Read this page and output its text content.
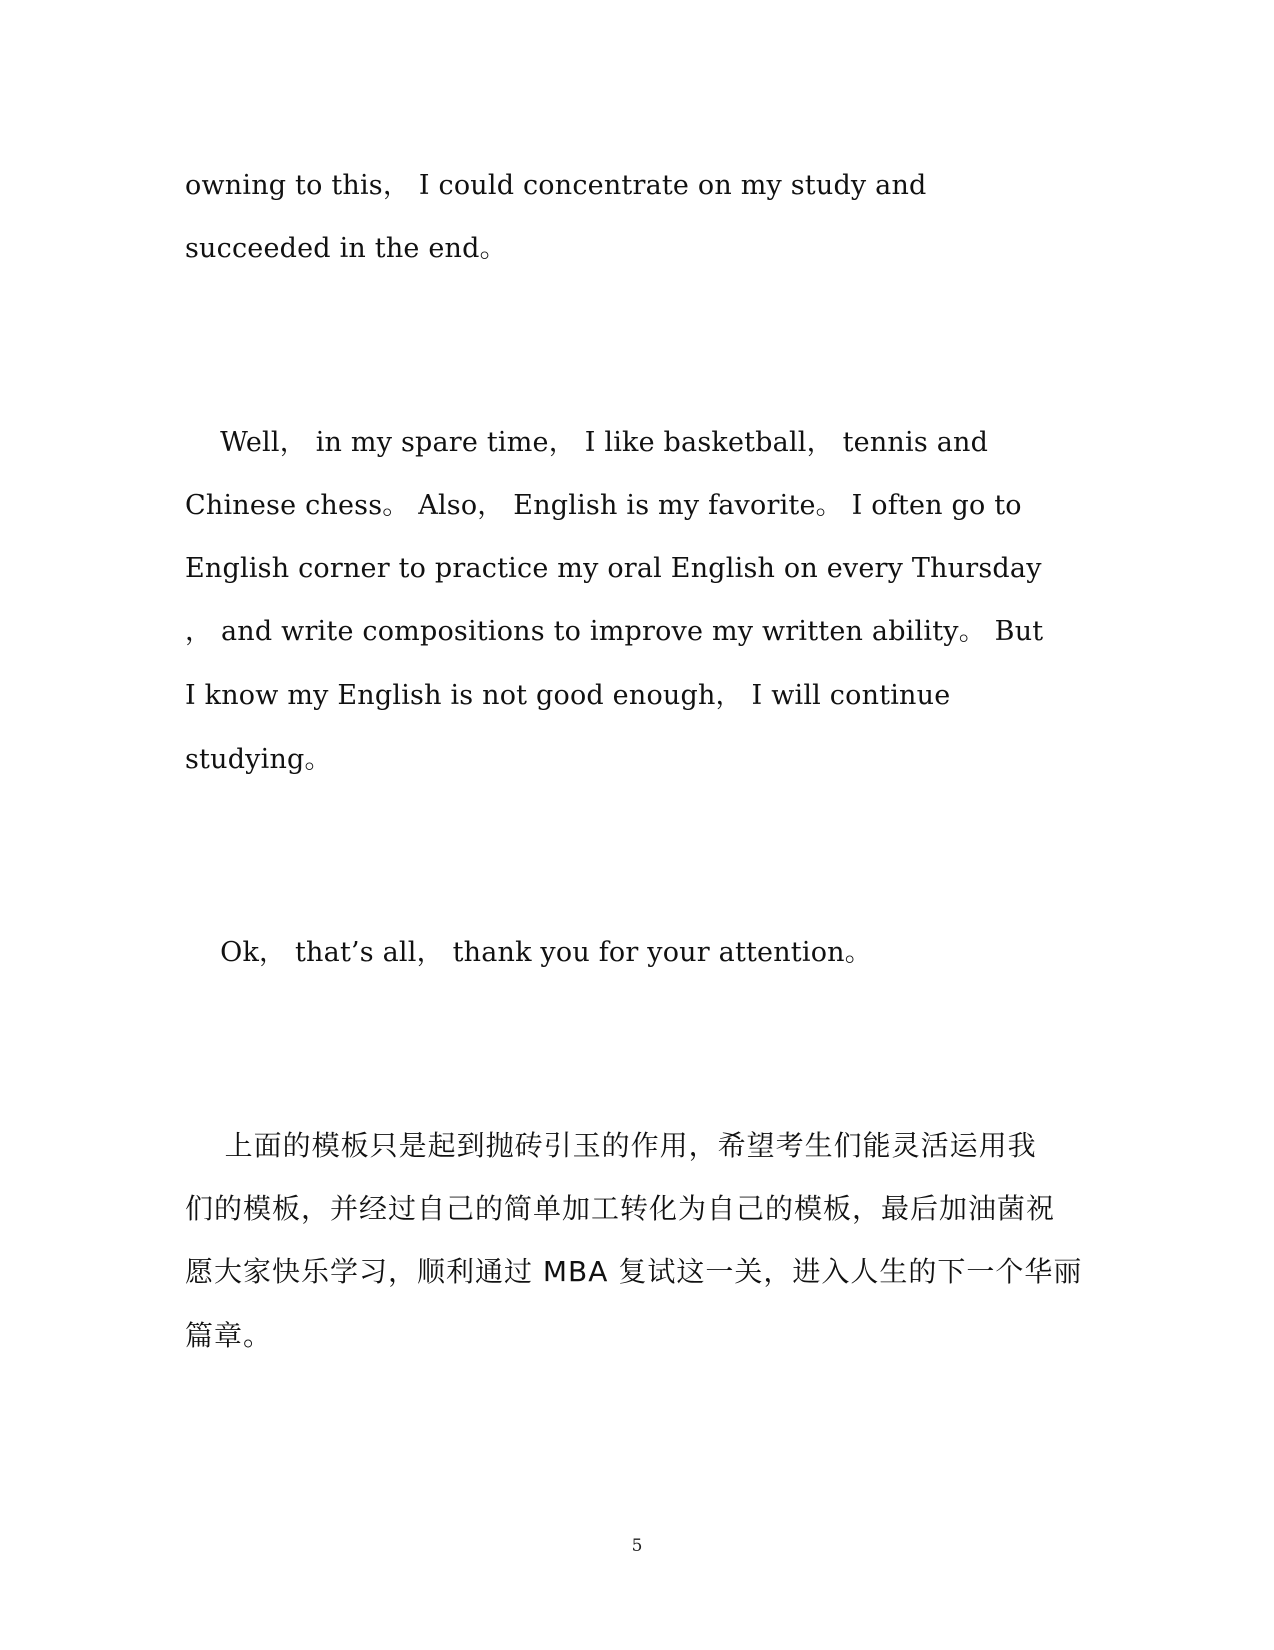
owning to this， I could concentrate on my study and
succeeded in the end。
Well， in my spare time， I like basketball， tennis and
Chinese chess。 Also， English is my favorite。 I often go to
English corner to practice my oral English on every Thursday
， and write compositions to improve my written ability。 But
I know my English is not good enough， I will continue
studying。
Ok， that’s all， thank you for your attention。
上面的模板只是起到抛砖引玉的作用，希望考生们能灵活运用我
们的模板，并经过自己的简单加工转化为自己的模板，最后加油菌祝
愿大家快乐学习，顺利通过 MBA 复试这一关，进入人生的下一个华丽
篇章。
5
